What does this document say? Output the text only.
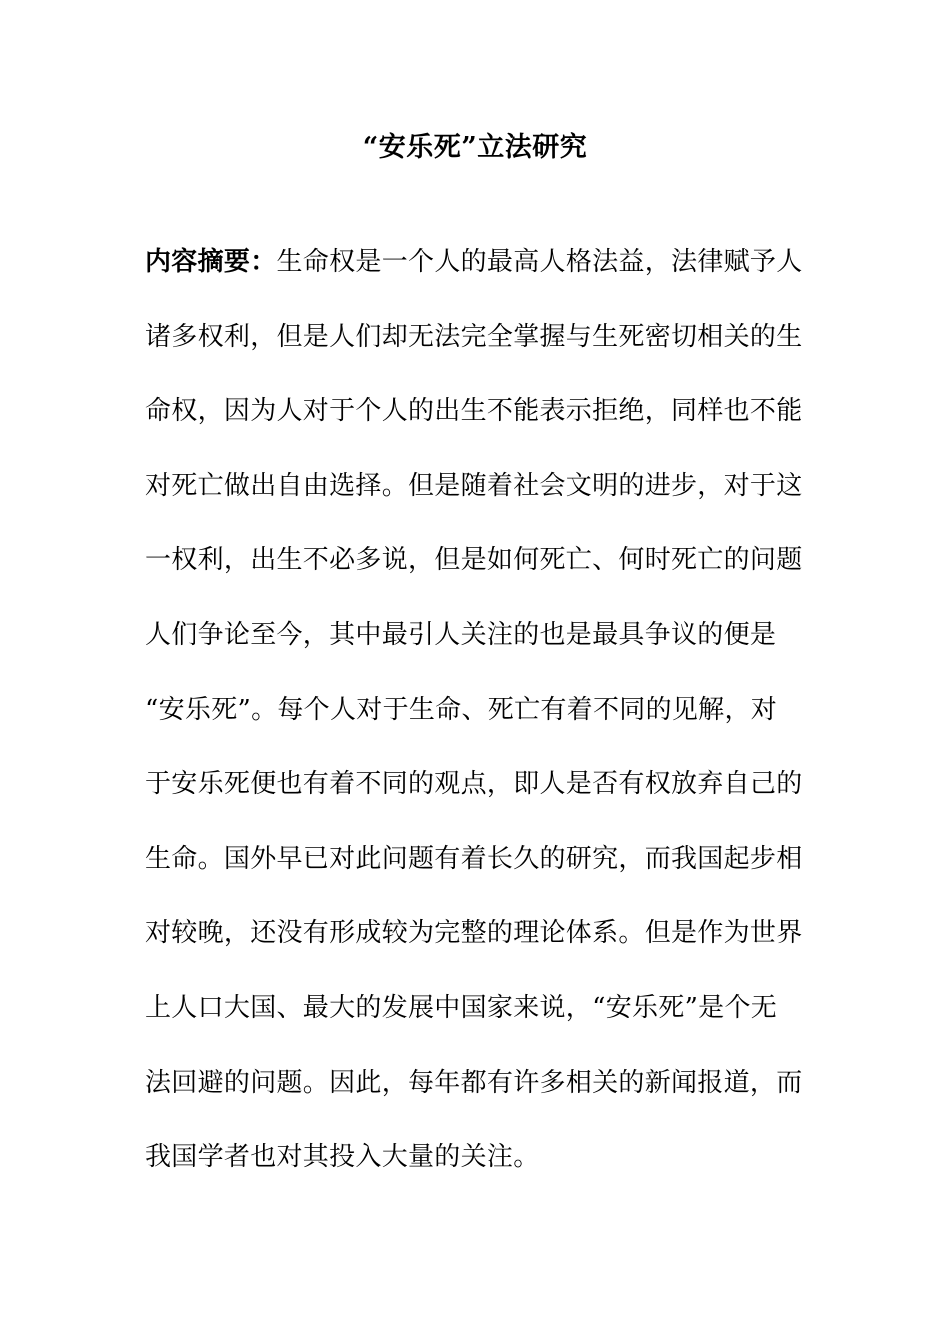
“安乐死”立法研究
内容摘要：生命权是一个人的最高人格法益，法律赋予人
诸多权利，但是人们却无法完全掌握与生死密切相关的生
命权，因为人对于个人的出生不能表示拒绝，同样也不能
对死亡做出自由选择。但是随着社会文明的进步，对于这
一权利，出生不必多说，但是如何死亡、何时死亡的问题
人们争论至今，其中最引人关注的也是最具争议的便是
“安乐死”。每个人对于生命、死亡有着不同的见解，对
于安乐死便也有着不同的观点，即人是否有权放弃自己的
生命。国外早已对此问题有着长久的研究，而我国起步相
对较晚，还没有形成较为完整的理论体系。但是作为世界
上人口大国、最大的发展中国家来说，“安乐死”是个无
法回避的问题。因此，每年都有许多相关的新闻报道，而
我国学者也对其投入大量的关注。
